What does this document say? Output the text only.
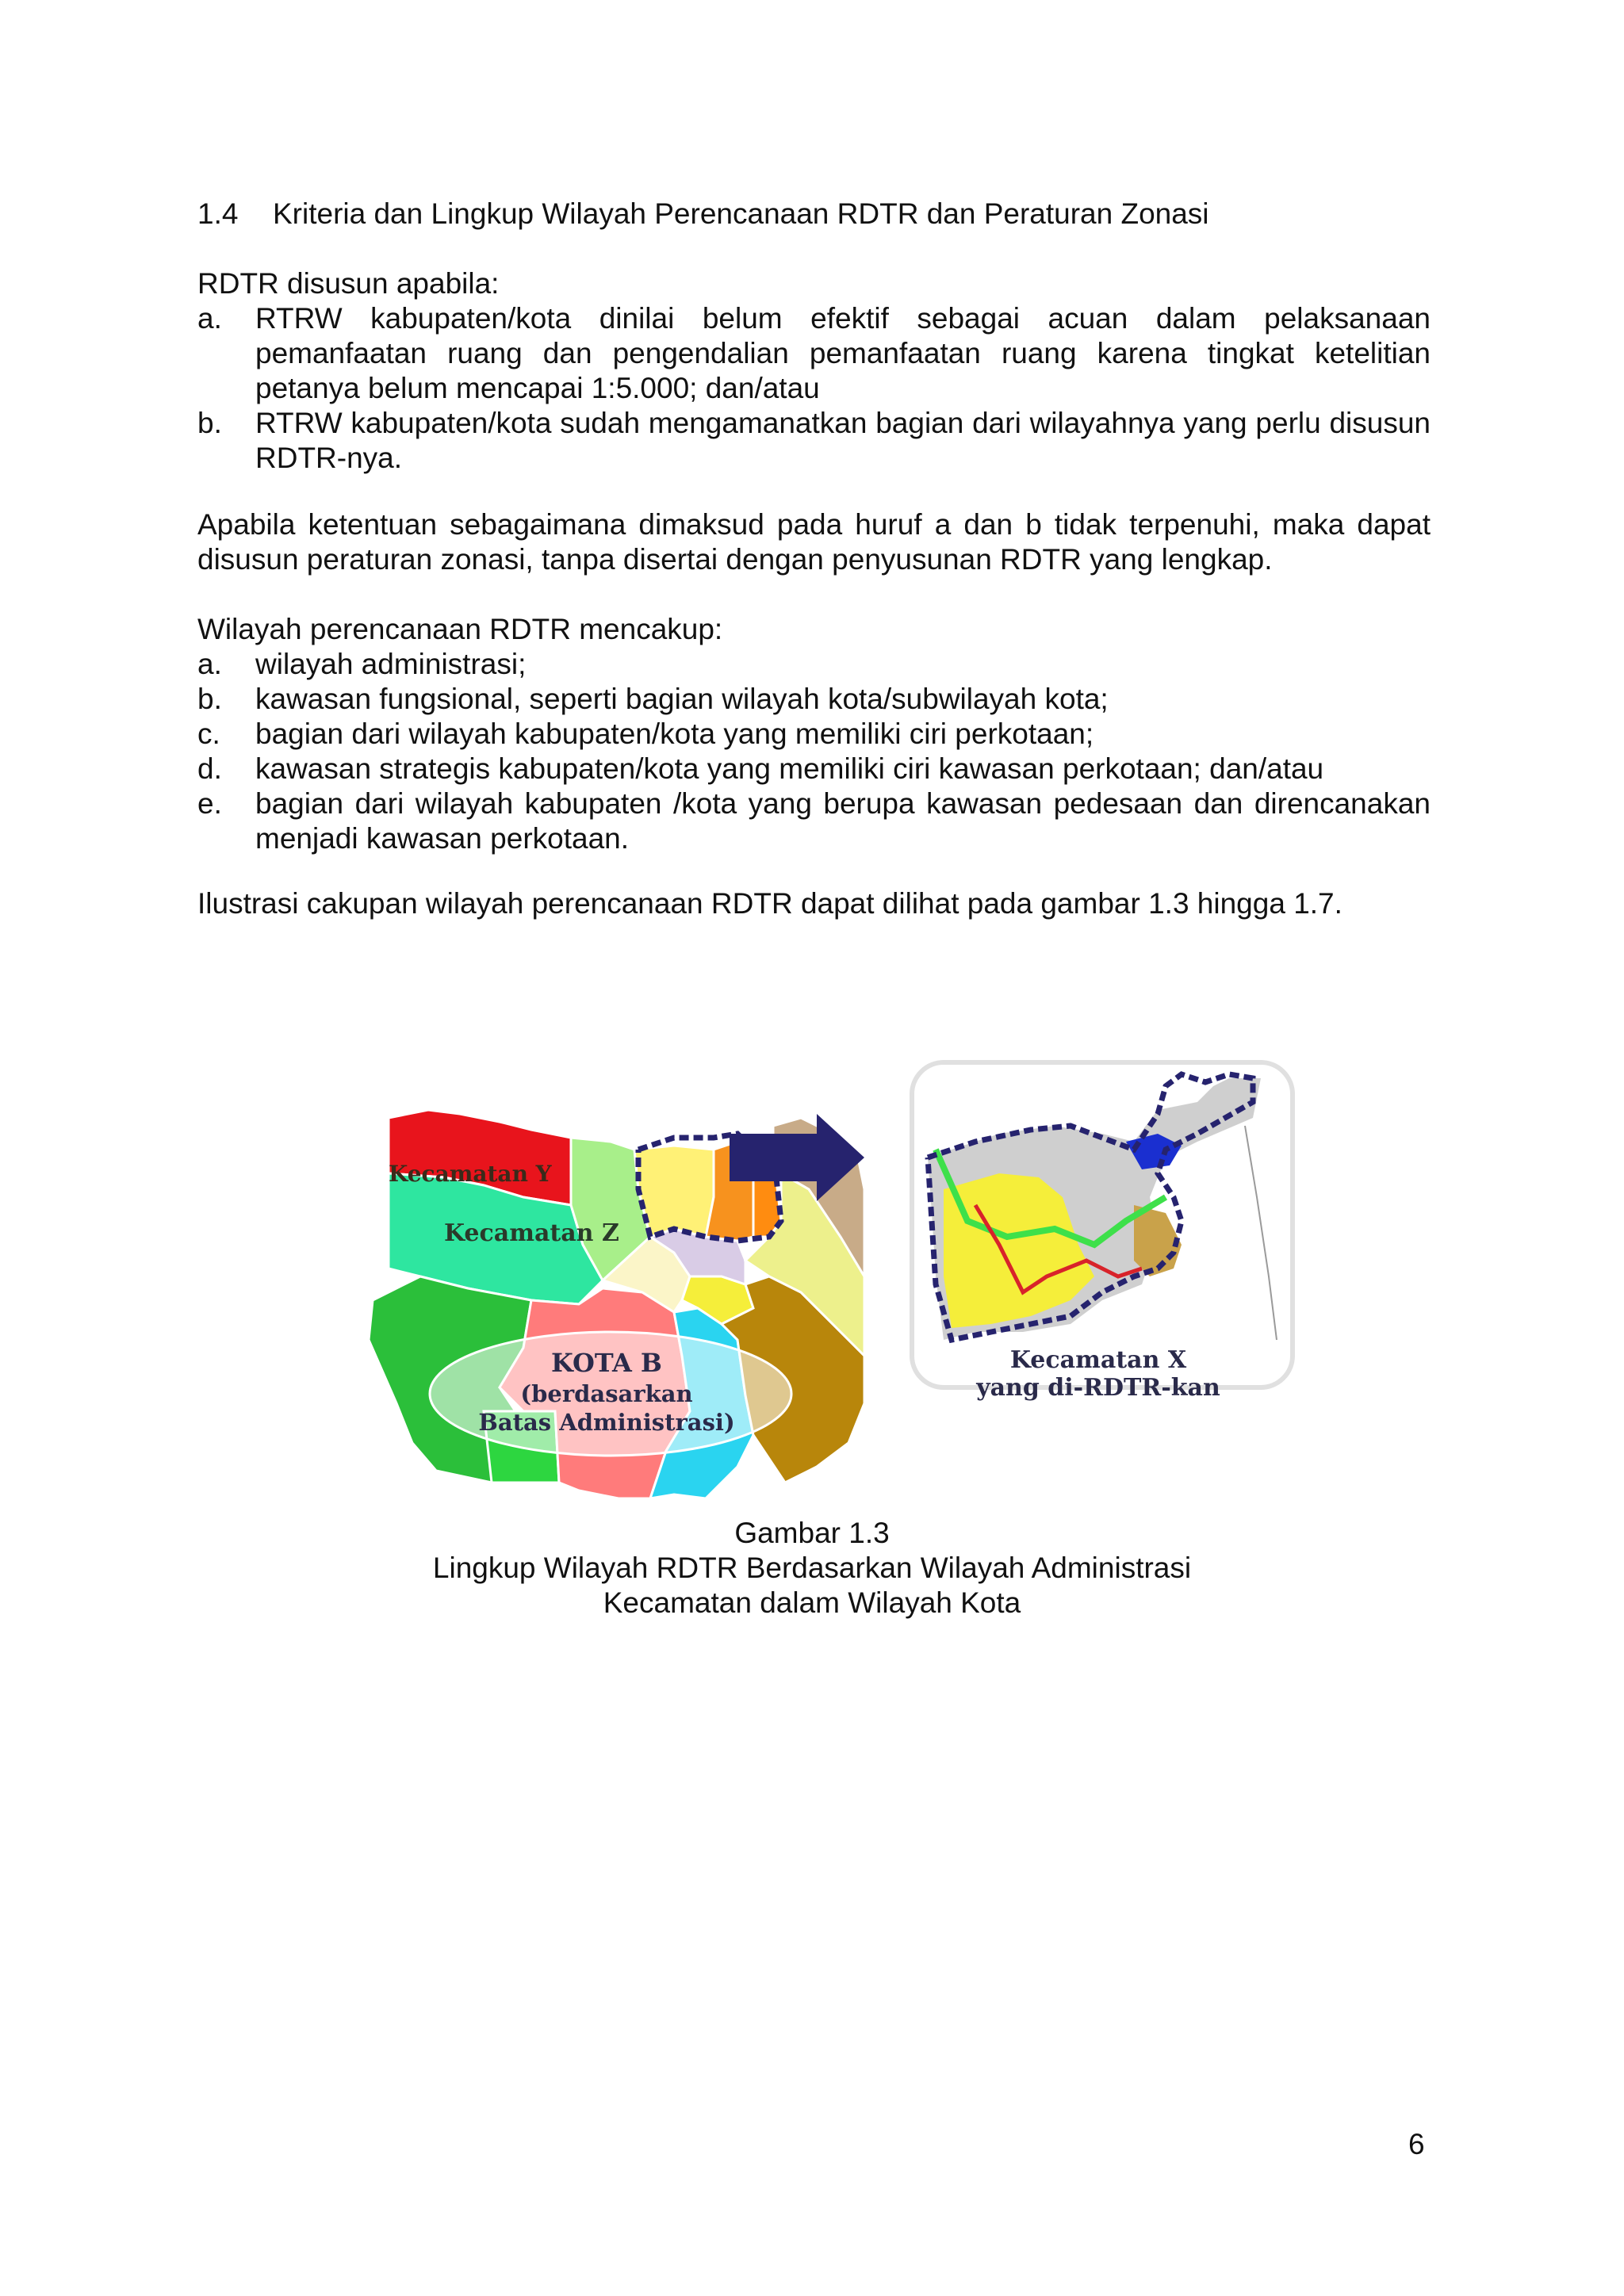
1.4 Kriteria dan Lingkup Wilayah Perencanaan RDTR dan Peraturan Zonasi
RDTR disusun apabila:
a.	RTRW kabupaten/kota dinilai belum efektif sebagai acuan dalam pelaksanaan pemanfaatan ruang dan pengendalian pemanfaatan ruang karena tingkat ketelitian petanya belum mencapai 1:5.000; dan/atau
b.	RTRW kabupaten/kota sudah mengamanatkan bagian dari wilayahnya yang perlu disusun RDTR-nya.
Apabila ketentuan sebagaimana dimaksud pada huruf a dan b tidak terpenuhi, maka dapat
disusun peraturan zonasi, tanpa disertai dengan penyusunan RDTR yang lengkap.
Wilayah perencanaan RDTR mencakup:
a.	wilayah administrasi;
b.	kawasan fungsional, seperti bagian wilayah kota/subwilayah kota;
c.	bagian dari wilayah kabupaten/kota yang memiliki ciri perkotaan;
d.	kawasan strategis kabupaten/kota yang memiliki ciri kawasan perkotaan; dan/atau
e.	bagian dari wilayah kabupaten /kota yang berupa kawasan pedesaan dan direncanakan menjadi kawasan perkotaan.
Ilustrasi cakupan wilayah perencanaan RDTR dapat dilihat pada gambar 1.3 hingga 1.7.
Kecamatan Y
Kecamatan Z
KOTA B
(berdasarkan
Batas Administrasi)
Kecamatan X
yang di-RDTR-kan
Gambar 1.3
Lingkup Wilayah RDTR Berdasarkan Wilayah Administrasi
Kecamatan dalam Wilayah Kota
6
